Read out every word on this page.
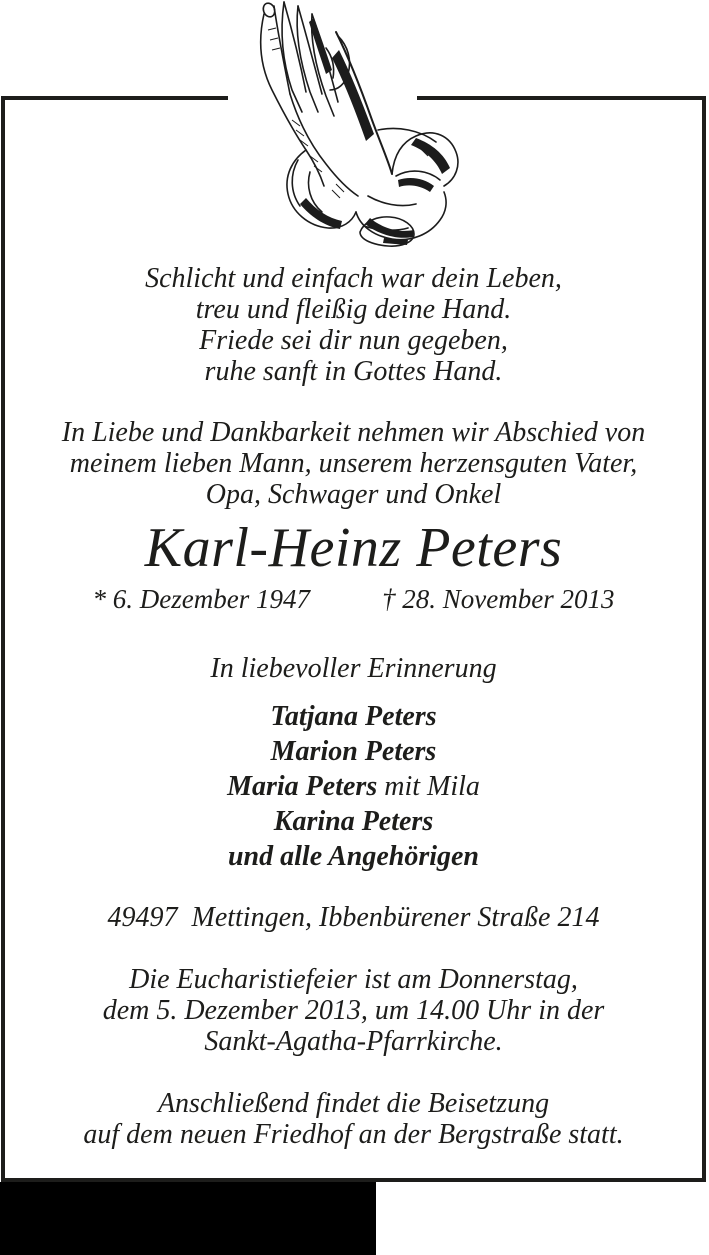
Schlicht und einfach war dein Leben,
treu und fleißig deine Hand.
Friede sei dir nun gegeben,
ruhe sanft in Gottes Hand.
In Liebe und Dankbarkeit nehmen wir Abschied von
meinem lieben Mann, unserem herzensguten Vater,
Opa, Schwager und Onkel
Karl-Heinz Peters
* 6. Dezember 1947	† 28. November 2013
In liebevoller Erinnerung
Tatjana Peters
Marion Peters
Maria Peters mit Mila
Karina Peters
und alle Angehörigen
49497  Mettingen, Ibbenbürener Straße 214
Die Eucharistiefeier ist am Donnerstag,
dem 5. Dezember 2013, um 14.00 Uhr in der
Sankt-Agatha-Pfarrkirche.
Anschließend findet die Beisetzung
auf dem neuen Friedhof an der Bergstraße statt.
